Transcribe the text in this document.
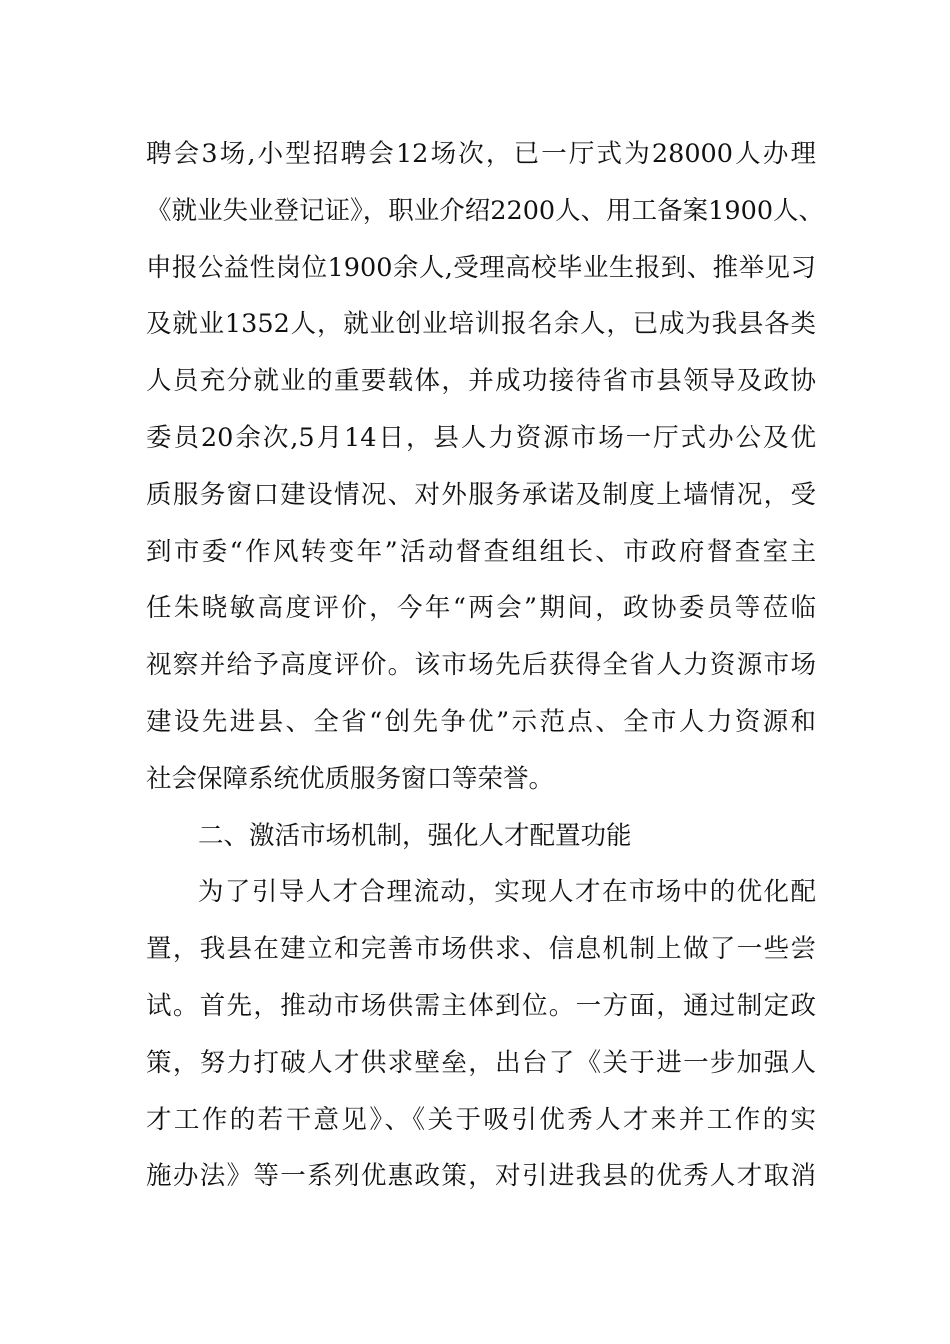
聘会3场,小型招聘会12场次，已一厅式为28000人办理
《就业失业登记证》，职业介绍2200人、用工备案1900人、
申报公益性岗位1900余人,受理高校毕业生报到、推举见习
及就业1352人，就业创业培训报名余人，已成为我县各类
人员充分就业的重要载体，并成功接待省市县领导及政协
委员20余次,5月14日，县人力资源市场一厅式办公及优
质服务窗口建设情况、对外服务承诺及制度上墙情况，受
到市委“作风转变年”活动督查组组长、市政府督查室主
任朱晓敏高度评价，今年“两会”期间，政协委员等莅临
视察并给予高度评价。该市场先后获得全省人力资源市场
建设先进县、全省“创先争优”示范点、全市人力资源和
社会保障系统优质服务窗口等荣誉。
二、激活市场机制，强化人才配置功能
为了引导人才合理流动，实现人才在市场中的优化配
置，我县在建立和完善市场供求、信息机制上做了一些尝
试。首先，推动市场供需主体到位。一方面，通过制定政
策，努力打破人才供求壁垒，出台了《关于进一步加强人
才工作的若干意见》、《关于吸引优秀人才来并工作的实
施办法》等一系列优惠政策，对引进我县的优秀人才取消
